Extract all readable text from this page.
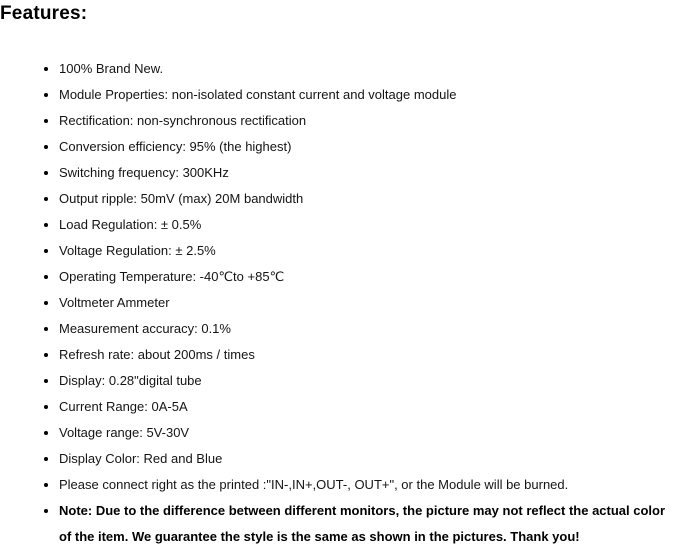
Features:
100% Brand New.
Module Properties: non-isolated constant current and voltage module
Rectification: non-synchronous rectification
Conversion efficiency: 95% (the highest)
Switching frequency: 300KHz
Output ripple: 50mV (max) 20M bandwidth
Load Regulation: ± 0.5%
Voltage Regulation: ± 2.5%
Operating Temperature: -40℃to +85℃
Voltmeter Ammeter
Measurement accuracy: 0.1%
Refresh rate: about 200ms / times
Display: 0.28"digital tube
Current Range: 0A-5A
Voltage range: 5V-30V
Display Color: Red and Blue
Please connect right as the printed :"IN-,IN+,OUT-, OUT+", or the Module will be burned.
Note: Due to the difference between different monitors, the picture may not reflect the actual color
of the item. We guarantee the style is the same as shown in the pictures. Thank you!
